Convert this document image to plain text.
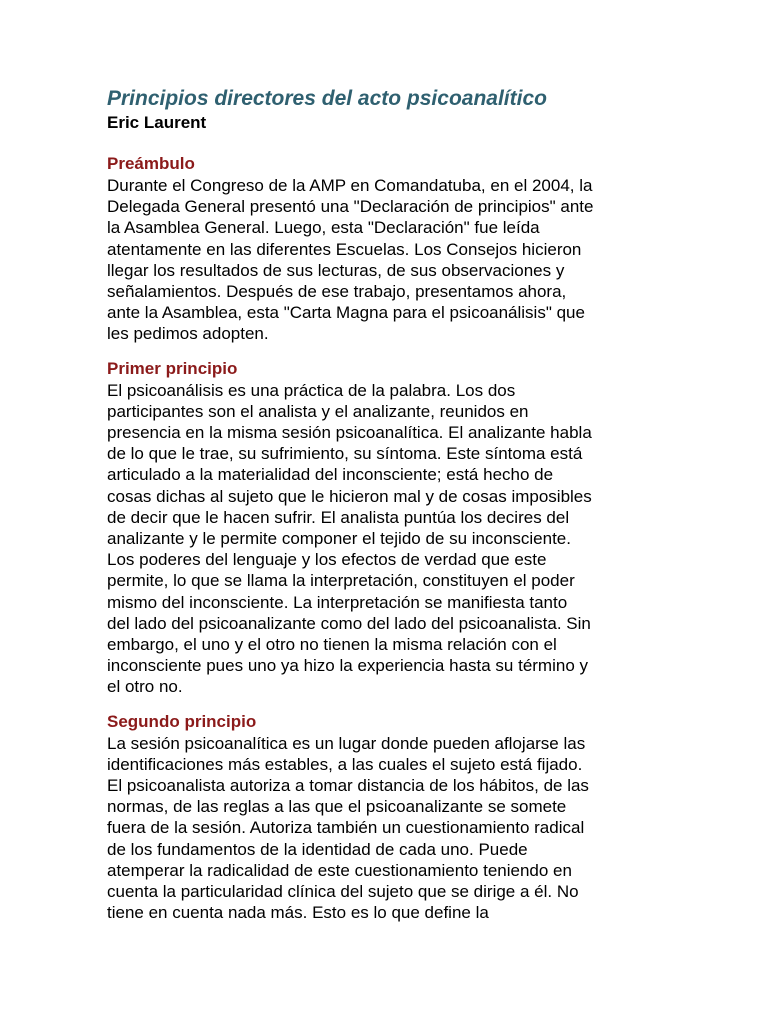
Principios directores del acto psicoanalítico
Eric Laurent
Preámbulo

Durante el Congreso de la AMP en Comandatuba, en el 2004, la
Delegada General presentó una "Declaración de principios" ante
la Asamblea General. Luego, esta "Declaración" fue leída
atentamente en las diferentes Escuelas. Los Consejos hicieron
llegar los resultados de sus lecturas, de sus observaciones y
señalamientos. Después de ese trabajo, presentamos ahora,
ante la Asamblea, esta "Carta Magna para el psicoanálisis" que
les pedimos adopten.

Primer principio

El psicoanálisis es una práctica de la palabra. Los dos
participantes son el analista y el analizante, reunidos en
presencia en la misma sesión psicoanalítica. El analizante habla
de lo que le trae, su sufrimiento, su síntoma. Este síntoma está
articulado a la materialidad del inconsciente; está hecho de
cosas dichas al sujeto que le hicieron mal y de cosas imposibles
de decir que le hacen sufrir. El analista puntúa los decires del
analizante y le permite componer el tejido de su inconsciente.
Los poderes del lenguaje y los efectos de verdad que este
permite, lo que se llama la interpretación, constituyen el poder
mismo del inconsciente. La interpretación se manifiesta tanto
del lado del psicoanalizante como del lado del psicoanalista. Sin
embargo, el uno y el otro no tienen la misma relación con el
inconsciente pues uno ya hizo la experiencia hasta su término y
el otro no.

Segundo principio

La sesión psicoanalítica es un lugar donde pueden aflojarse las
identificaciones más estables, a las cuales el sujeto está fijado.
El psicoanalista autoriza a tomar distancia de los hábitos, de las
normas, de las reglas a las que el psicoanalizante se somete
fuera de la sesión. Autoriza también un cuestionamiento radical
de los fundamentos de la identidad de cada uno. Puede
atemperar la radicalidad de este cuestionamiento teniendo en
cuenta la particularidad clínica del sujeto que se dirige a él. No
tiene en cuenta nada más. Esto es lo que define la
